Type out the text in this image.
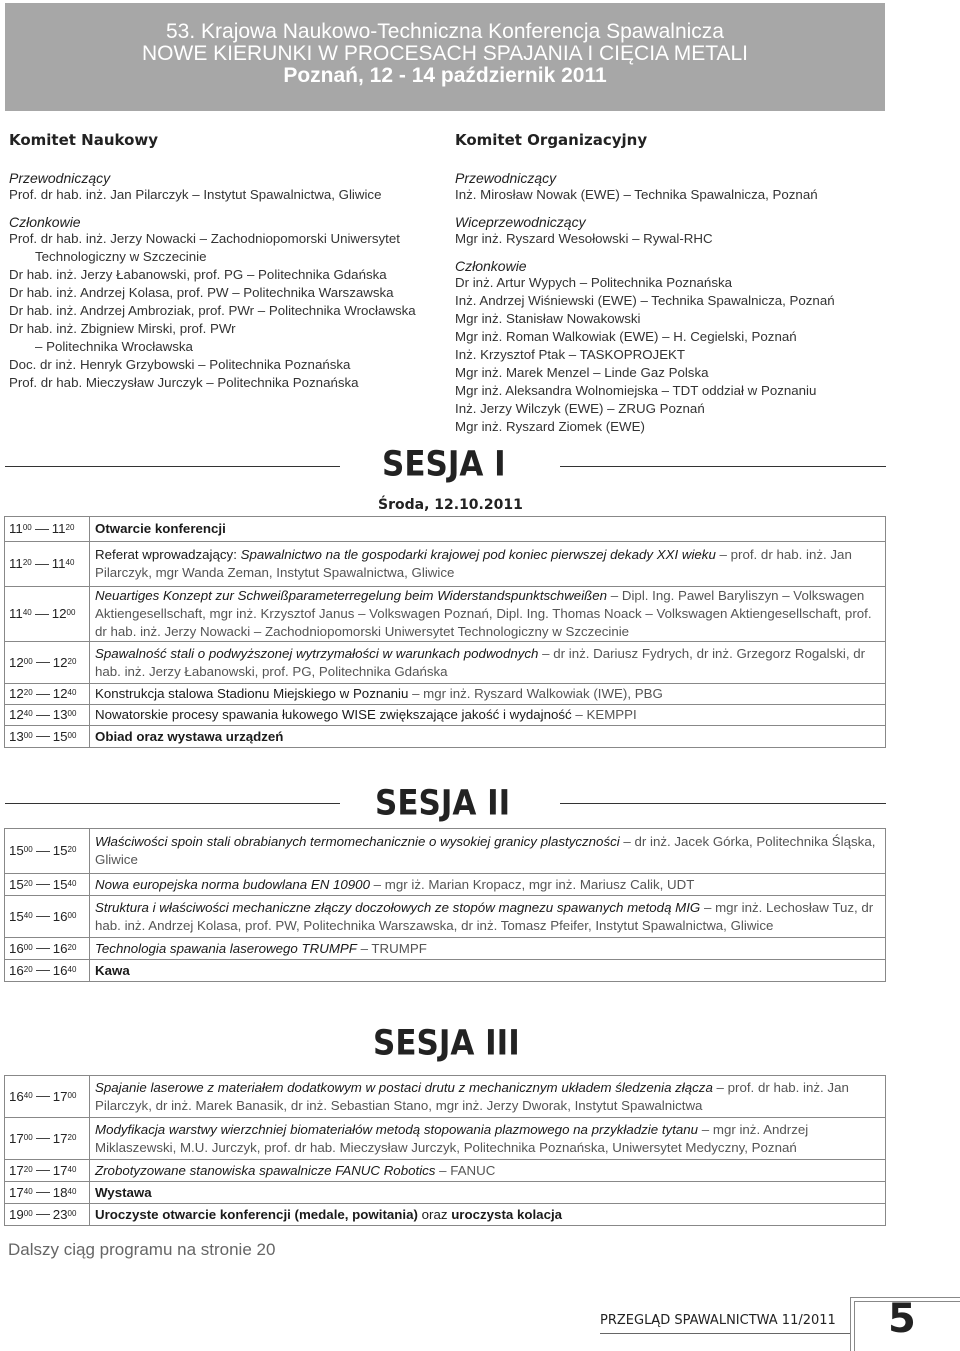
53. Krajowa Naukowo-Techniczna Konferencja Spawalnicza
NOWE KIERUNKI W PROCESACH SPAJANIA I CIĘCIA METALI
Poznań, 12 - 14 październik 2011
Komitet Naukowy
Przewodniczący
Prof. dr hab. inż. Jan Pilarczyk – Instytut Spawalnictwa, Gliwice
Członkowie
Prof. dr hab. inż. Jerzy Nowacki – Zachodniopomorski Uniwersytet
Technologiczny w Szczecinie
Dr hab. inż. Jerzy Łabanowski, prof. PG – Politechnika Gdańska
Dr hab. inż. Andrzej Kolasa, prof. PW – Politechnika Warszawska
Dr hab. inż. Andrzej Ambroziak, prof. PWr – Politechnika Wrocławska
Dr hab. inż. Zbigniew Mirski, prof. PWr
– Politechnika Wrocławska
Doc. dr inż. Henryk Grzybowski – Politechnika Poznańska
Prof. dr hab. Mieczysław Jurczyk – Politechnika Poznańska
Komitet Organizacyjny
Przewodniczący
Inż. Mirosław Nowak (EWE) – Technika Spawalnicza, Poznań
Wiceprzewodniczący
Mgr inż. Ryszard Wesołowski – Rywal-RHC
Członkowie
Dr inż. Artur Wypych – Politechnika Poznańska
Inż. Andrzej Wiśniewski (EWE) – Technika Spawalnicza, Poznań
Mgr inż. Stanisław Nowakowski
Mgr inż. Roman Walkowiak (EWE) – H. Cegielski, Poznań
Inż. Krzysztof Ptak – TASKOPROJEKT
Mgr inż. Marek Menzel – Linde Gaz Polska
Mgr inż. Aleksandra Wolnomiejska – TDT oddział w Poznaniu
Inż. Jerzy Wilczyk (EWE) – ZRUG Poznań
Mgr inż. Ryszard Ziomek (EWE)
SESJA I
Środa, 12.10.2011
$11^{00}$ $11^{20}$	Otwarcie konferencji
$11^{20}$ $11^{40}$	Referat wprowadzający: Spawalnictwo na tle gospodarki krajowej pod koniec pierwszej dekady XXI wieku – prof. dr hab. inż. Jan Pilarczyk, mgr Wanda Zeman, Instytut Spawalnictwa, Gliwice
$11^{40}$ $12^{00}$	Neuartiges Konzept zur Schweißparameterregelung beim Widerstandspunktschweißen – Dipl. Ing. Pawel Baryliszyn – Volkswagen Aktiengesellschaft, mgr inż. Krzysztof Janus – Volkswagen Poznań, Dipl. Ing. Thomas Noack – Volkswagen Aktiengesellschaft, prof. dr hab. inż. Jerzy Nowacki – Zachodniopomorski Uniwersytet Technologiczny w Szczecinie
$12^{00}$ $12^{20}$	Spawalność stali o podwyższonej wytrzymałości w warunkach podwodnych – dr inż. Dariusz Fydrych, dr inż. Grzegorz Rogalski, dr hab. inż. Jerzy Łabanowski, prof. PG, Politechnika Gdańska
$12^{20}$ $12^{40}$	Konstrukcja stalowa Stadionu Miejskiego w Poznaniu – mgr inż. Ryszard Walkowiak (IWE), PBG
$12^{40}$ $13^{00}$	Nowatorskie procesy spawania łukowego WISE zwiększające jakość i wydajność – KEMPPI
$13^{00}$ $15^{00}$	Obiad oraz wystawa urządzeń
SESJA II
$15^{00}$ $15^{20}$	Właściwości spoin stali obrabianych termomechanicznie o wysokiej granicy plastyczności – dr inż. Jacek Górka, Politechnika Śląska, Gliwice
$15^{20}$ $15^{40}$	Nowa europejska norma budowlana EN 10900 – mgr iż. Marian Kropacz, mgr inż. Mariusz Calik, UDT
$15^{40}$ $16^{00}$	Struktura i właściwości mechaniczne złączy doczołowych ze stopów magnezu spawanych metodą MIG – mgr inż. Lechosław Tuz, dr hab. inż. Andrzej Kolasa, prof. PW, Politechnika Warszawska, dr inż. Tomasz Pfeifer, Instytut Spawalnictwa, Gliwice
$16^{00}$ $16^{20}$	Technologia spawania laserowego TRUMPF – TRUMPF
$16^{20}$ $16^{40}$	Kawa
SESJA III
$16^{40}$ $17^{00}$	Spajanie laserowe z materiałem dodatkowym w postaci drutu z mechanicznym układem śledzenia złącza – prof. dr hab. inż. Jan Pilarczyk, dr inż. Marek Banasik, dr inż. Sebastian Stano, mgr inż. Jerzy Dworak, Instytut Spawalnictwa
$17^{00}$ $17^{20}$	Modyfikacja warstwy wierzchniej biomateriałów metodą stopowania plazmowego na przykładzie tytanu – mgr inż. Andrzej Miklaszewski, M.U. Jurczyk, prof. dr hab. Mieczysław Jurczyk, Politechnika Poznańska, Uniwersytet Medyczny, Poznań
$17^{20}$ $17^{40}$	Zrobotyzowane stanowiska spawalnicze FANUC Robotics – FANUC
$17^{40}$ $18^{40}$	Wystawa
$19^{00}$ $23^{00}$	Uroczyste otwarcie konferencji (medale, powitania) oraz uroczysta kolacja
Dalszy ciąg programu na stronie 20
PRZEGLĄD SPAWALNICTWA 11/2011 5
